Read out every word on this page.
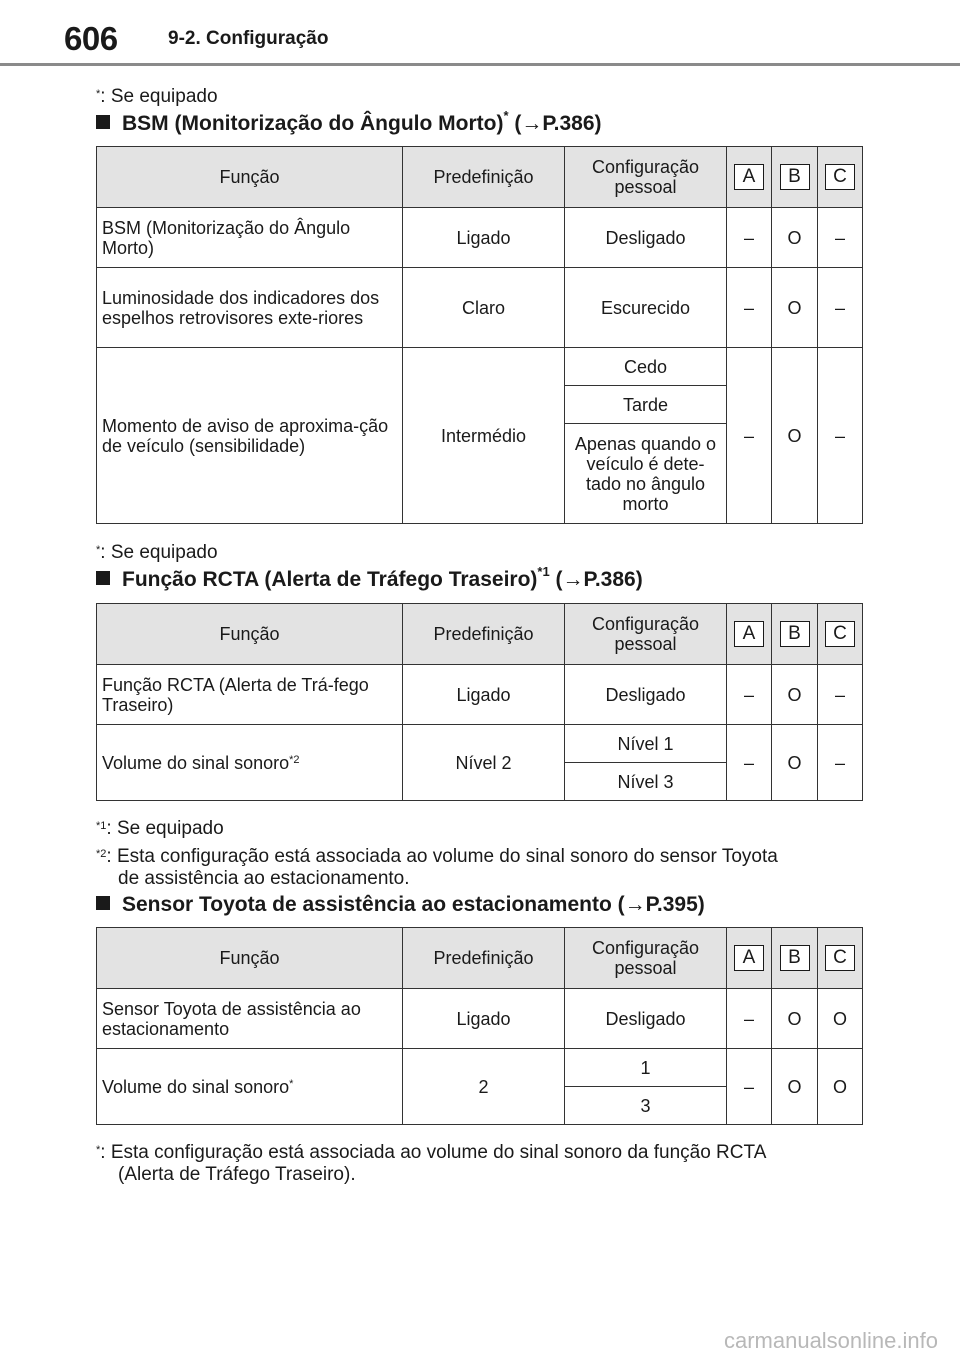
606	9-2. Configuração
*: Se equipado
BSM (Monitorização do Ângulo Morto)* (→P.386)
Função	Predefinição	Configuração pessoal	A	B	C
BSM (Monitorização do Ângulo Morto)	Ligado	Desligado	–	O	–
Luminosidade dos indicadores dos espelhos retrovisores exte-riores	Claro	Escurecido	–	O	–
Momento de aviso de aproxima-ção de veículo (sensibilidade)	Intermédio	Cedo	–	O	–
		Tarde			
		Apenas quando o veículo é dete-tado no ângulo morto			
*: Se equipado
Função RCTA (Alerta de Tráfego Traseiro)$^{*1}$ (→P.386)
Função	Predefinição	Configuração pessoal	A	B	C
Função RCTA (Alerta de Trá-fego Traseiro)	Ligado	Desligado	–	O	–
Volume do sinal sonoro$^{*2}$	Nível 2	Nível 1	–	O	–
		Nível 3			
$^{*1}$: Se equipado
$^{*2}$: Esta configuração está associada ao volume do sinal sonoro do sensor Toyota
de assistência ao estacionamento.
Sensor Toyota de assistência ao estacionamento (→P.395)
Função	Predefinição	Configuração pessoal	A	B	C
Sensor Toyota de assistência ao estacionamento	Ligado	Desligado	–	O	O
Volume do sinal sonoro*	2	1	–	O	O
		3			
*: Esta configuração está associada ao volume do sinal sonoro da função RCTA
(Alerta de Tráfego Traseiro).
carmanualsonline.info
